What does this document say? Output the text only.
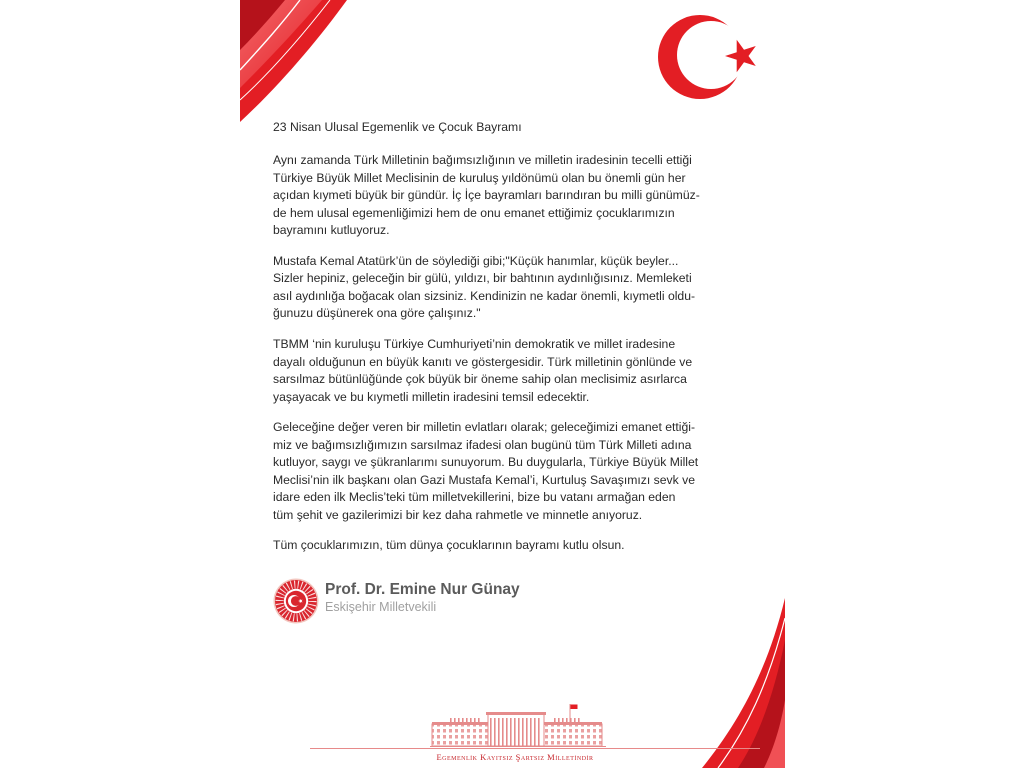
23 Nisan Ulusal Egemenlik ve Çocuk Bayramı
Aynı zamanda Türk Milletinin bağımsızlığının ve milletin iradesinin tecelli ettiği
Türkiye Büyük Millet Meclisinin de kuruluş yıldönümü olan bu önemli gün her
açıdan kıymeti büyük bir gündür. İç İçe bayramları barındıran bu milli günümüz-
de hem ulusal egemenliğimizi hem de onu emanet ettiğimiz çocuklarımızın
bayramını kutluyoruz.
Mustafa Kemal Atatürk’ün de söylediği gibi;"Küçük hanımlar, küçük beyler...
Sizler hepiniz, geleceğin bir gülü, yıldızı, bir bahtının aydınlığısınız. Memleketi
asıl aydınlığa boğacak olan sizsiniz. Kendinizin ne kadar önemli, kıymetli oldu-
ğunuzu düşünerek ona göre çalışınız."
TBMM ‘nin kuruluşu Türkiye Cumhuriyeti’nin demokratik ve millet iradesine
dayalı olduğunun en büyük kanıtı ve göstergesidir. Türk milletinin gönlünde ve
sarsılmaz bütünlüğünde çok büyük bir öneme sahip olan meclisimiz asırlarca
yaşayacak ve bu kıymetli milletin iradesini temsil edecektir.
Geleceğine değer veren bir milletin evlatları olarak; geleceğimizi emanet ettiği-
miz ve bağımsızlığımızın sarsılmaz ifadesi olan bugünü tüm Türk Milleti adına
kutluyor, saygı ve şükranlarımı sunuyorum. Bu duygularla, Türkiye Büyük Millet
Meclisi’nin ilk başkanı olan Gazi Mustafa Kemal’i, Kurtuluş Savaşımızı sevk ve
idare eden ilk Meclis’teki tüm milletvekillerini, bize bu vatanı armağan eden
tüm şehit ve gazilerimizi bir kez daha rahmetle ve minnetle anıyoruz.
Tüm çocuklarımızın, tüm dünya çocuklarının bayramı kutlu olsun.
Prof. Dr. Emine Nur Günay
Eskişehir Milletvekili
Egemenlik Kayıtsız Şartsız Milletindir
